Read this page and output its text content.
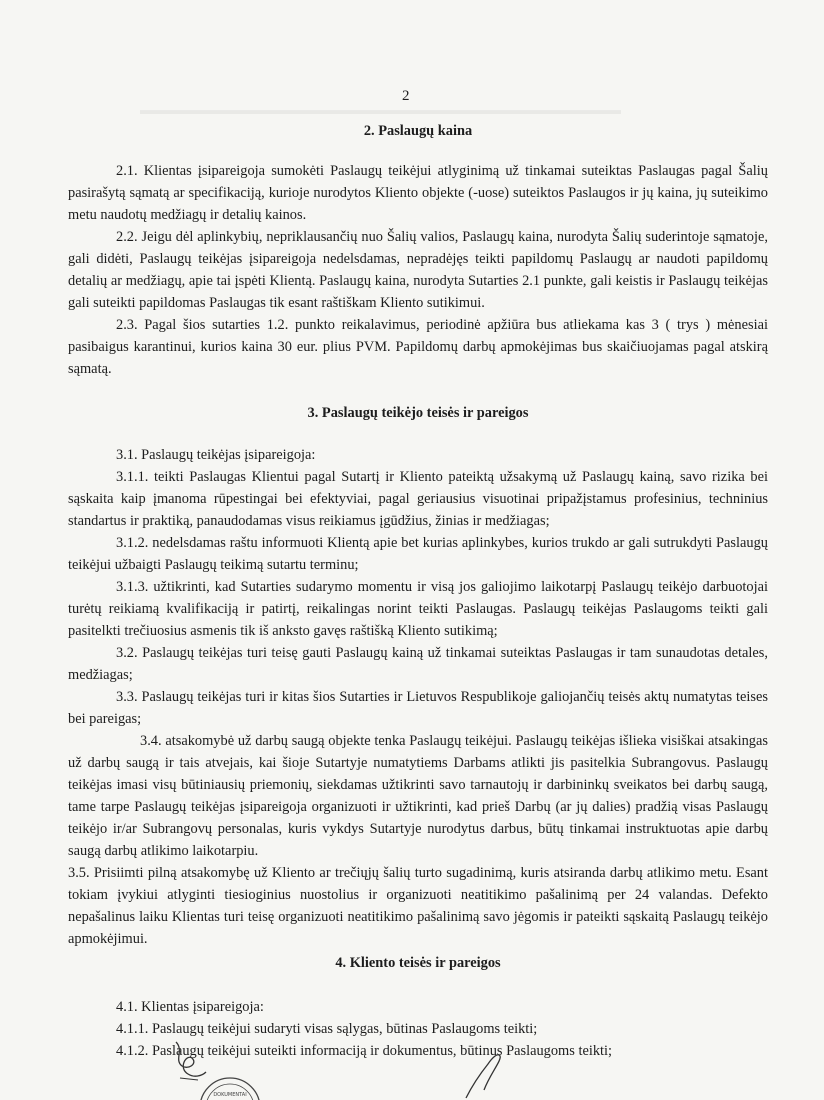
▬▬▬▬▬▬▬▬▬▬▬▬▬▬▬▬▬▬▬▬▬▬▬▬▬▬▬▬▬▬▬▬▬▬▬▬▬
2

2. Paslaugų kaina

2.1. Klientas įsipareigoja sumokėti Paslaugų teikėjui atlyginimą už tinkamai suteiktas Paslaugas pagal Šalių pasirašytą sąmatą ar specifikaciją, kurioje nurodytos Kliento objekte (-uose) suteiktos Paslaugos ir jų kaina, jų suteikimo metu naudotų medžiagų ir detalių kainos.

2.2. Jeigu dėl aplinkybių, nepriklausančių nuo Šalių valios, Paslaugų kaina, nurodyta Šalių suderintoje sąmatoje, gali didėti, Paslaugų teikėjas įsipareigoja nedelsdamas, nepradėjęs teikti papildomų Paslaugų ar naudoti papildomų detalių ar medžiagų, apie tai įspėti Klientą. Paslaugų kaina, nurodyta Sutarties 2.1 punkte, gali keistis ir Paslaugų teikėjas gali suteikti papildomas Paslaugas tik esant raštiškam Kliento sutikimui.

2.3. Pagal šios sutarties 1.2. punkto reikalavimus, periodinė apžiūra bus atliekama kas 3 ( trys ) mėnesiai pasibaigus karantinui, kurios kaina 30 eur. plius PVM. Papildomų darbų apmokėjimas bus skaičiuojamas pagal atskirą sąmatą.

3. Paslaugų teikėjo teisės ir pareigos

3.1. Paslaugų teikėjas įsipareigoja:

3.1.1. teikti Paslaugas Klientui pagal Sutartį ir Kliento pateiktą užsakymą už Paslaugų kainą, savo rizika bei sąskaita kaip įmanoma rūpestingai bei efektyviai, pagal geriausius visuotinai pripažįstamus profesinius, techninius standartus ir praktiką, panaudodamas visus reikiamus įgūdžius, žinias ir medžiagas;

3.1.2. nedelsdamas raštu informuoti Klientą apie bet kurias aplinkybes, kurios trukdo ar gali sutrukdyti Paslaugų teikėjui užbaigti Paslaugų teikimą sutartu terminu;

3.1.3. užtikrinti, kad Sutarties sudarymo momentu ir visą jos galiojimo laikotarpį Paslaugų teikėjo darbuotojai turėtų reikiamą kvalifikaciją ir patirtį, reikalingas norint teikti Paslaugas. Paslaugų teikėjas Paslaugoms teikti gali pasitelkti trečiuosius asmenis tik iš anksto gavęs raštišką Kliento sutikimą;

3.2. Paslaugų teikėjas turi teisę gauti Paslaugų kainą už tinkamai suteiktas Paslaugas ir tam sunaudotas detales, medžiagas;

3.3. Paslaugų teikėjas turi ir kitas šios Sutarties ir Lietuvos Respublikoje galiojančių teisės aktų numatytas teises bei pareigas;

3.4. atsakomybė už darbų saugą objekte tenka Paslaugų teikėjui. Paslaugų teikėjas išlieka visiškai atsakingas už darbų saugą ir tais atvejais, kai šioje Sutartyje numatytiems Darbams atlikti jis pasitelkia Subrangovus. Paslaugų teikėjas imasi visų būtiniausių priemonių, siekdamas užtikrinti savo tarnautojų ir darbininkų sveikatos bei darbų saugą, tame tarpe Paslaugų teikėjas įsipareigoja organizuoti ir užtikrinti, kad prieš Darbų (ar jų dalies) pradžią visas Paslaugų teikėjo ir/ar Subrangovų personalas, kuris vykdys Sutartyje nurodytus darbus, būtų tinkamai instruktuotas apie darbų saugą darbų atlikimo laikotarpiu.

3.5. Prisiimti pilną atsakomybę už Kliento ar trečiųjų šalių turto sugadinimą, kuris atsiranda darbų atlikimo metu. Esant tokiam įvykiui atlyginti tiesioginius nuostolius ir organizuoti neatitikimo pašalinimą per 24 valandas. Defekto nepašalinus laiku Klientas turi teisę organizuoti neatitikimo pašalinimą savo jėgomis ir pateikti sąskaitą Paslaugų teikėjo apmokėjimui.

4. Kliento teisės ir pareigos

4.1. Klientas įsipareigoja:

4.1.1. Paslaugų teikėjui sudaryti visas sąlygas, būtinas Paslaugoms teikti;

4.1.2. Paslaugų teikėjui suteikti informaciją ir dokumentus, būtinus Paslaugoms teikti;

DOKUMENTAI
